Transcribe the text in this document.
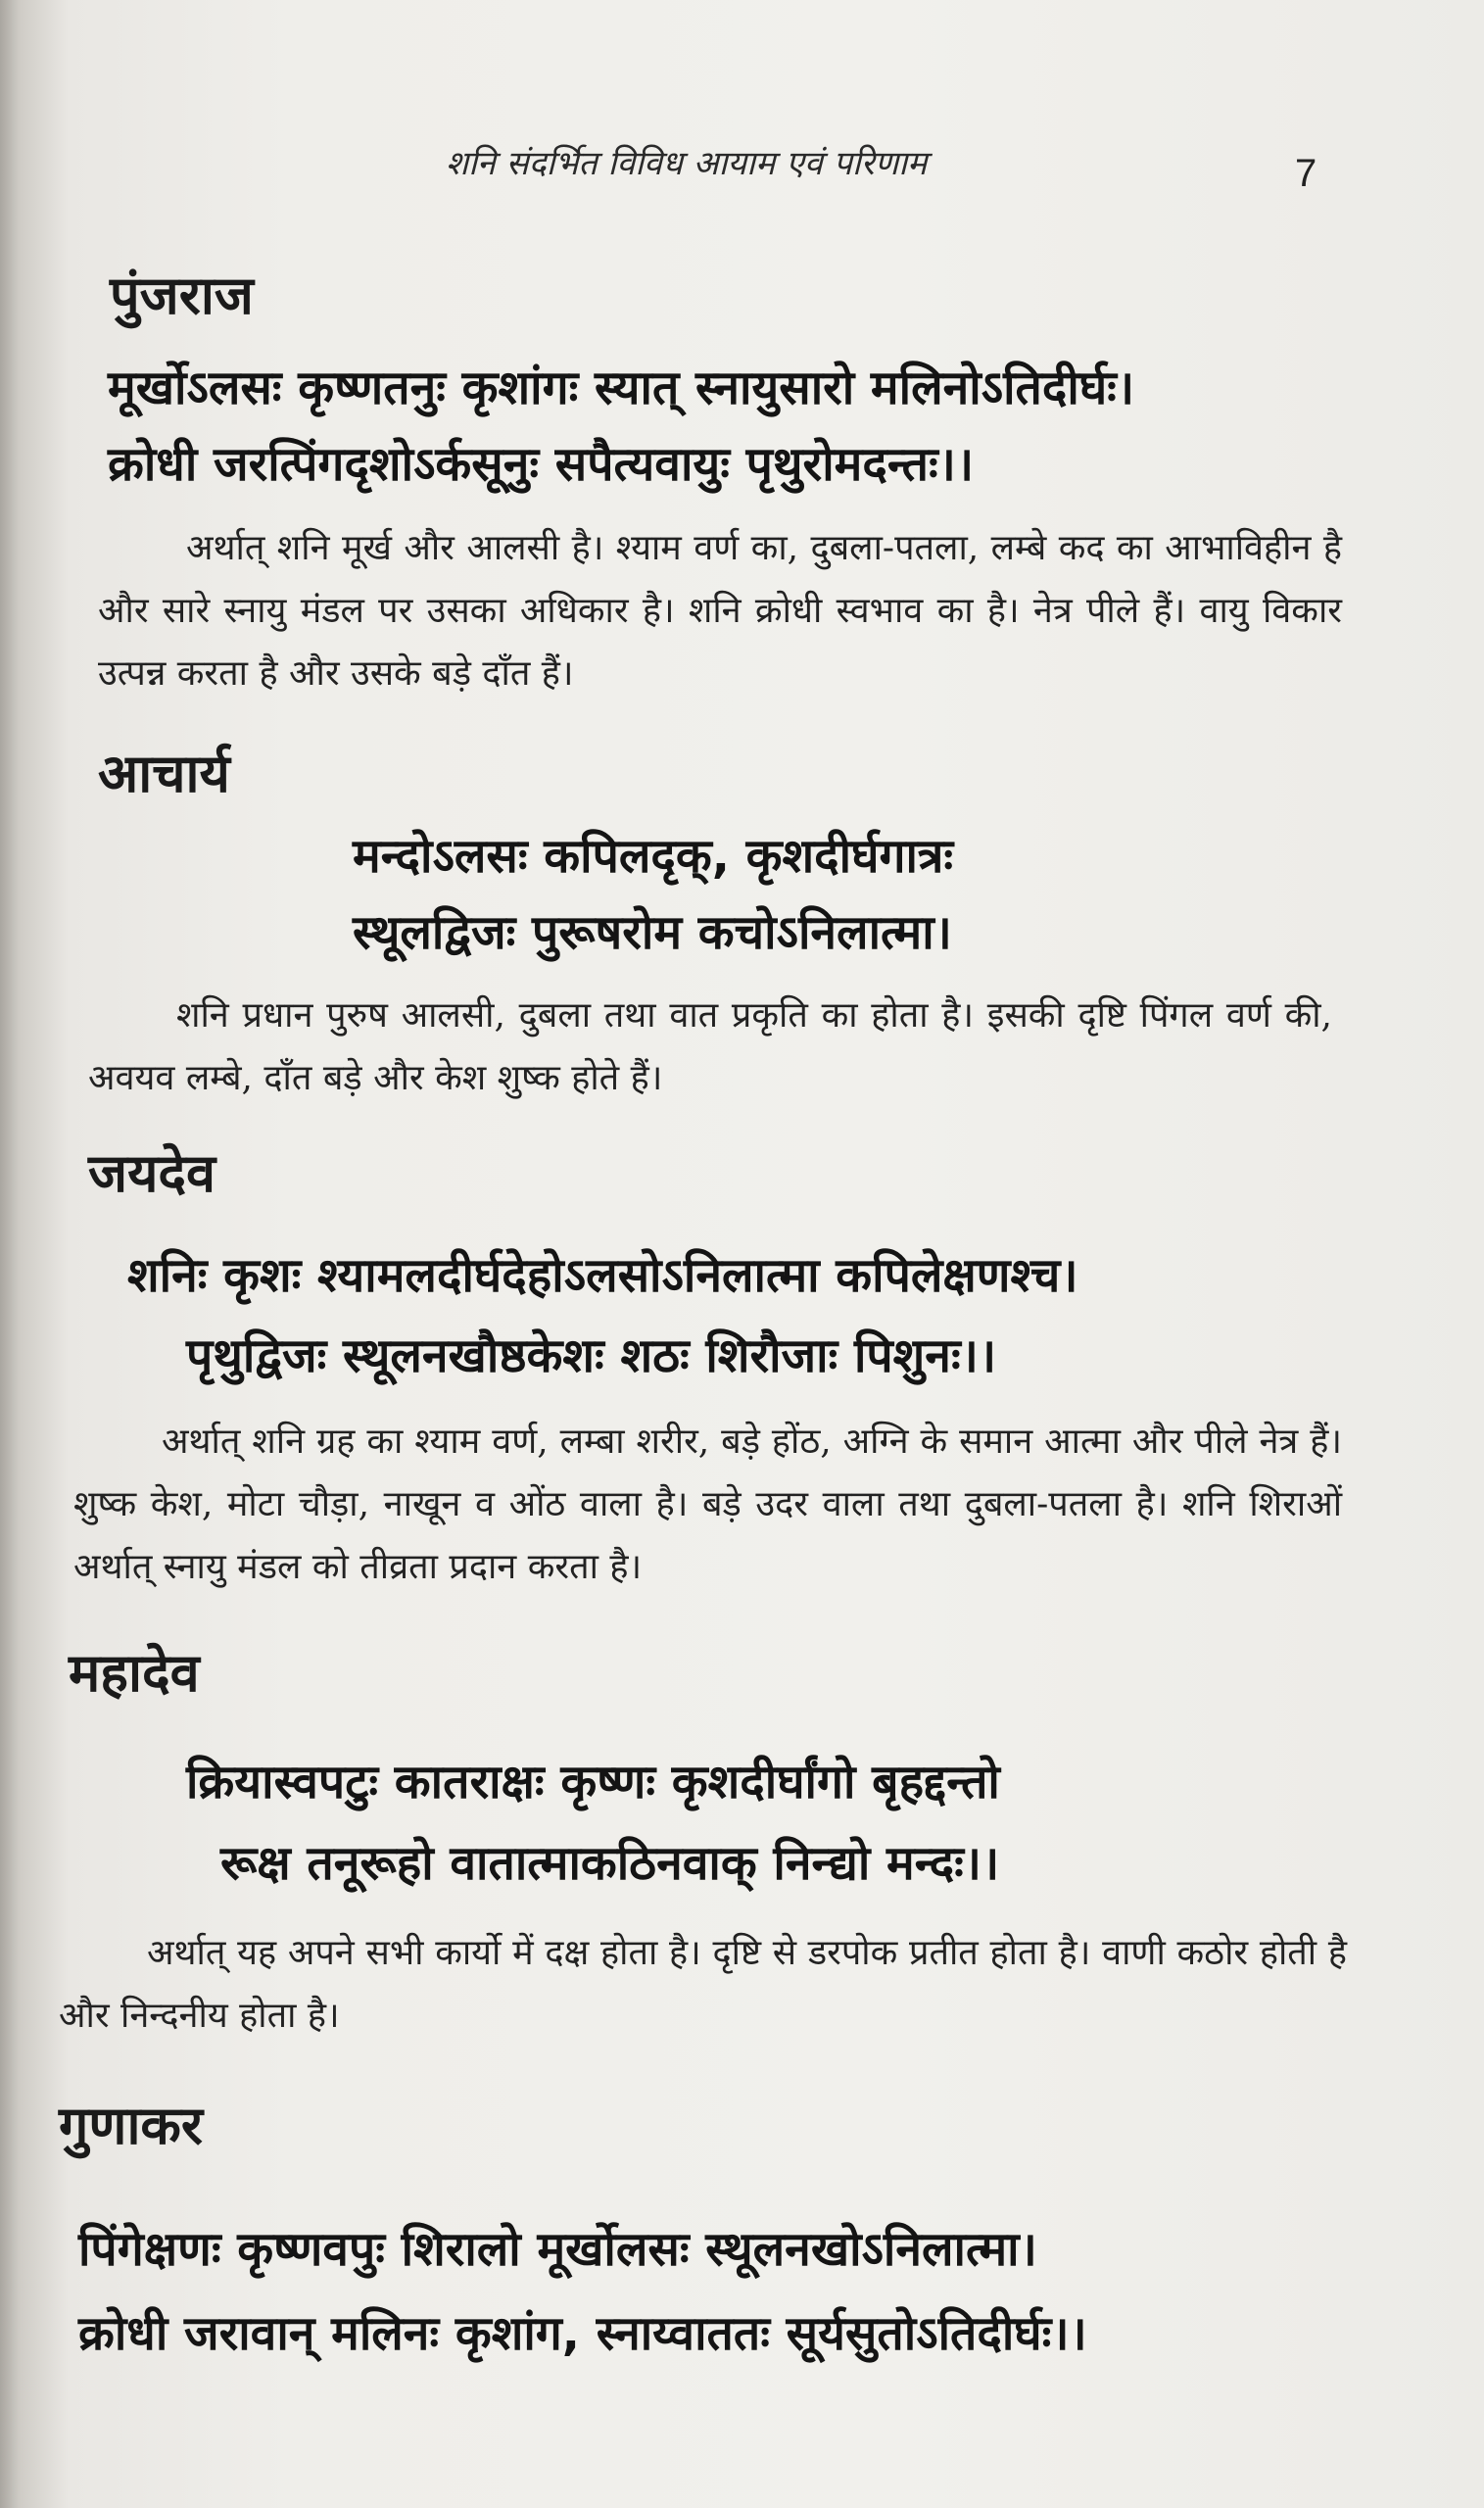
शनि संदर्भित विविध आयाम एवं परिणाम	7
पुंजराज
मूर्खोऽलसः कृष्णतनुः कृशांगः स्यात् स्नायुसारो मलिनोऽतिदीर्घः।
क्रोधी जरत्पिंगदृशोऽर्कसूनुः सपैत्यवायुः पृथुरोमदन्तः।।

अर्थात् शनि मूर्ख और आलसी है। श्याम वर्ण का, दुबला-पतला, लम्बे कद का आभाविहीन है और सारे स्नायु मंडल पर उसका अधिकार है। शनि क्रोधी स्वभाव का है। नेत्र पीले हैं। वायु विकार उत्पन्न करता है और उसके बड़े दाँत हैं।

आचार्य
मन्दोऽलसः कपिलदृक्, कृशदीर्घगात्रः
स्थूलद्विजः पुरूषरोम कचोऽनिलात्मा।

शनि प्रधान पुरुष आलसी, दुबला तथा वात प्रकृति का होता है। इसकी दृष्टि पिंगल वर्ण की, अवयव लम्बे, दाँत बड़े और केश शुष्क होते हैं।

जयदेव
शनिः कृशः श्यामलदीर्घदेहोऽलसोऽनिलात्मा कपिलेक्षणश्च।
पृथुद्विजः स्थूलनखौष्ठकेशः शठः शिरौजाः पिशुनः।।

अर्थात् शनि ग्रह का श्याम वर्ण, लम्बा शरीर, बड़े होंठ, अग्नि के समान आत्मा और पीले नेत्र हैं। शुष्क केश, मोटा चौड़ा, नाखून व ओंठ वाला है। बड़े उदर वाला तथा दुबला-पतला है। शनि शिराओं अर्थात् स्नायु मंडल को तीव्रता प्रदान करता है।

महादेव
क्रियास्वपटुः कातराक्षः कृष्णः कृशदीर्घांगो बृहद्दन्तो
रूक्ष तनूरूहो वातात्माकठिनवाक् निन्द्यो मन्दः।।

अर्थात् यह अपने सभी कार्यो में दक्ष होता है। दृष्टि से डरपोक प्रतीत होता है। वाणी कठोर होती है और निन्दनीय होता है।

गुणाकर
पिंगेक्षणः कृष्णवपुः शिरालो मूर्खोलसः स्थूलनखोऽनिलात्मा।
क्रोधी जरावान् मलिनः कृशांग, स्नाय्वाततः सूर्यसुतोऽतिदीर्घः।।
